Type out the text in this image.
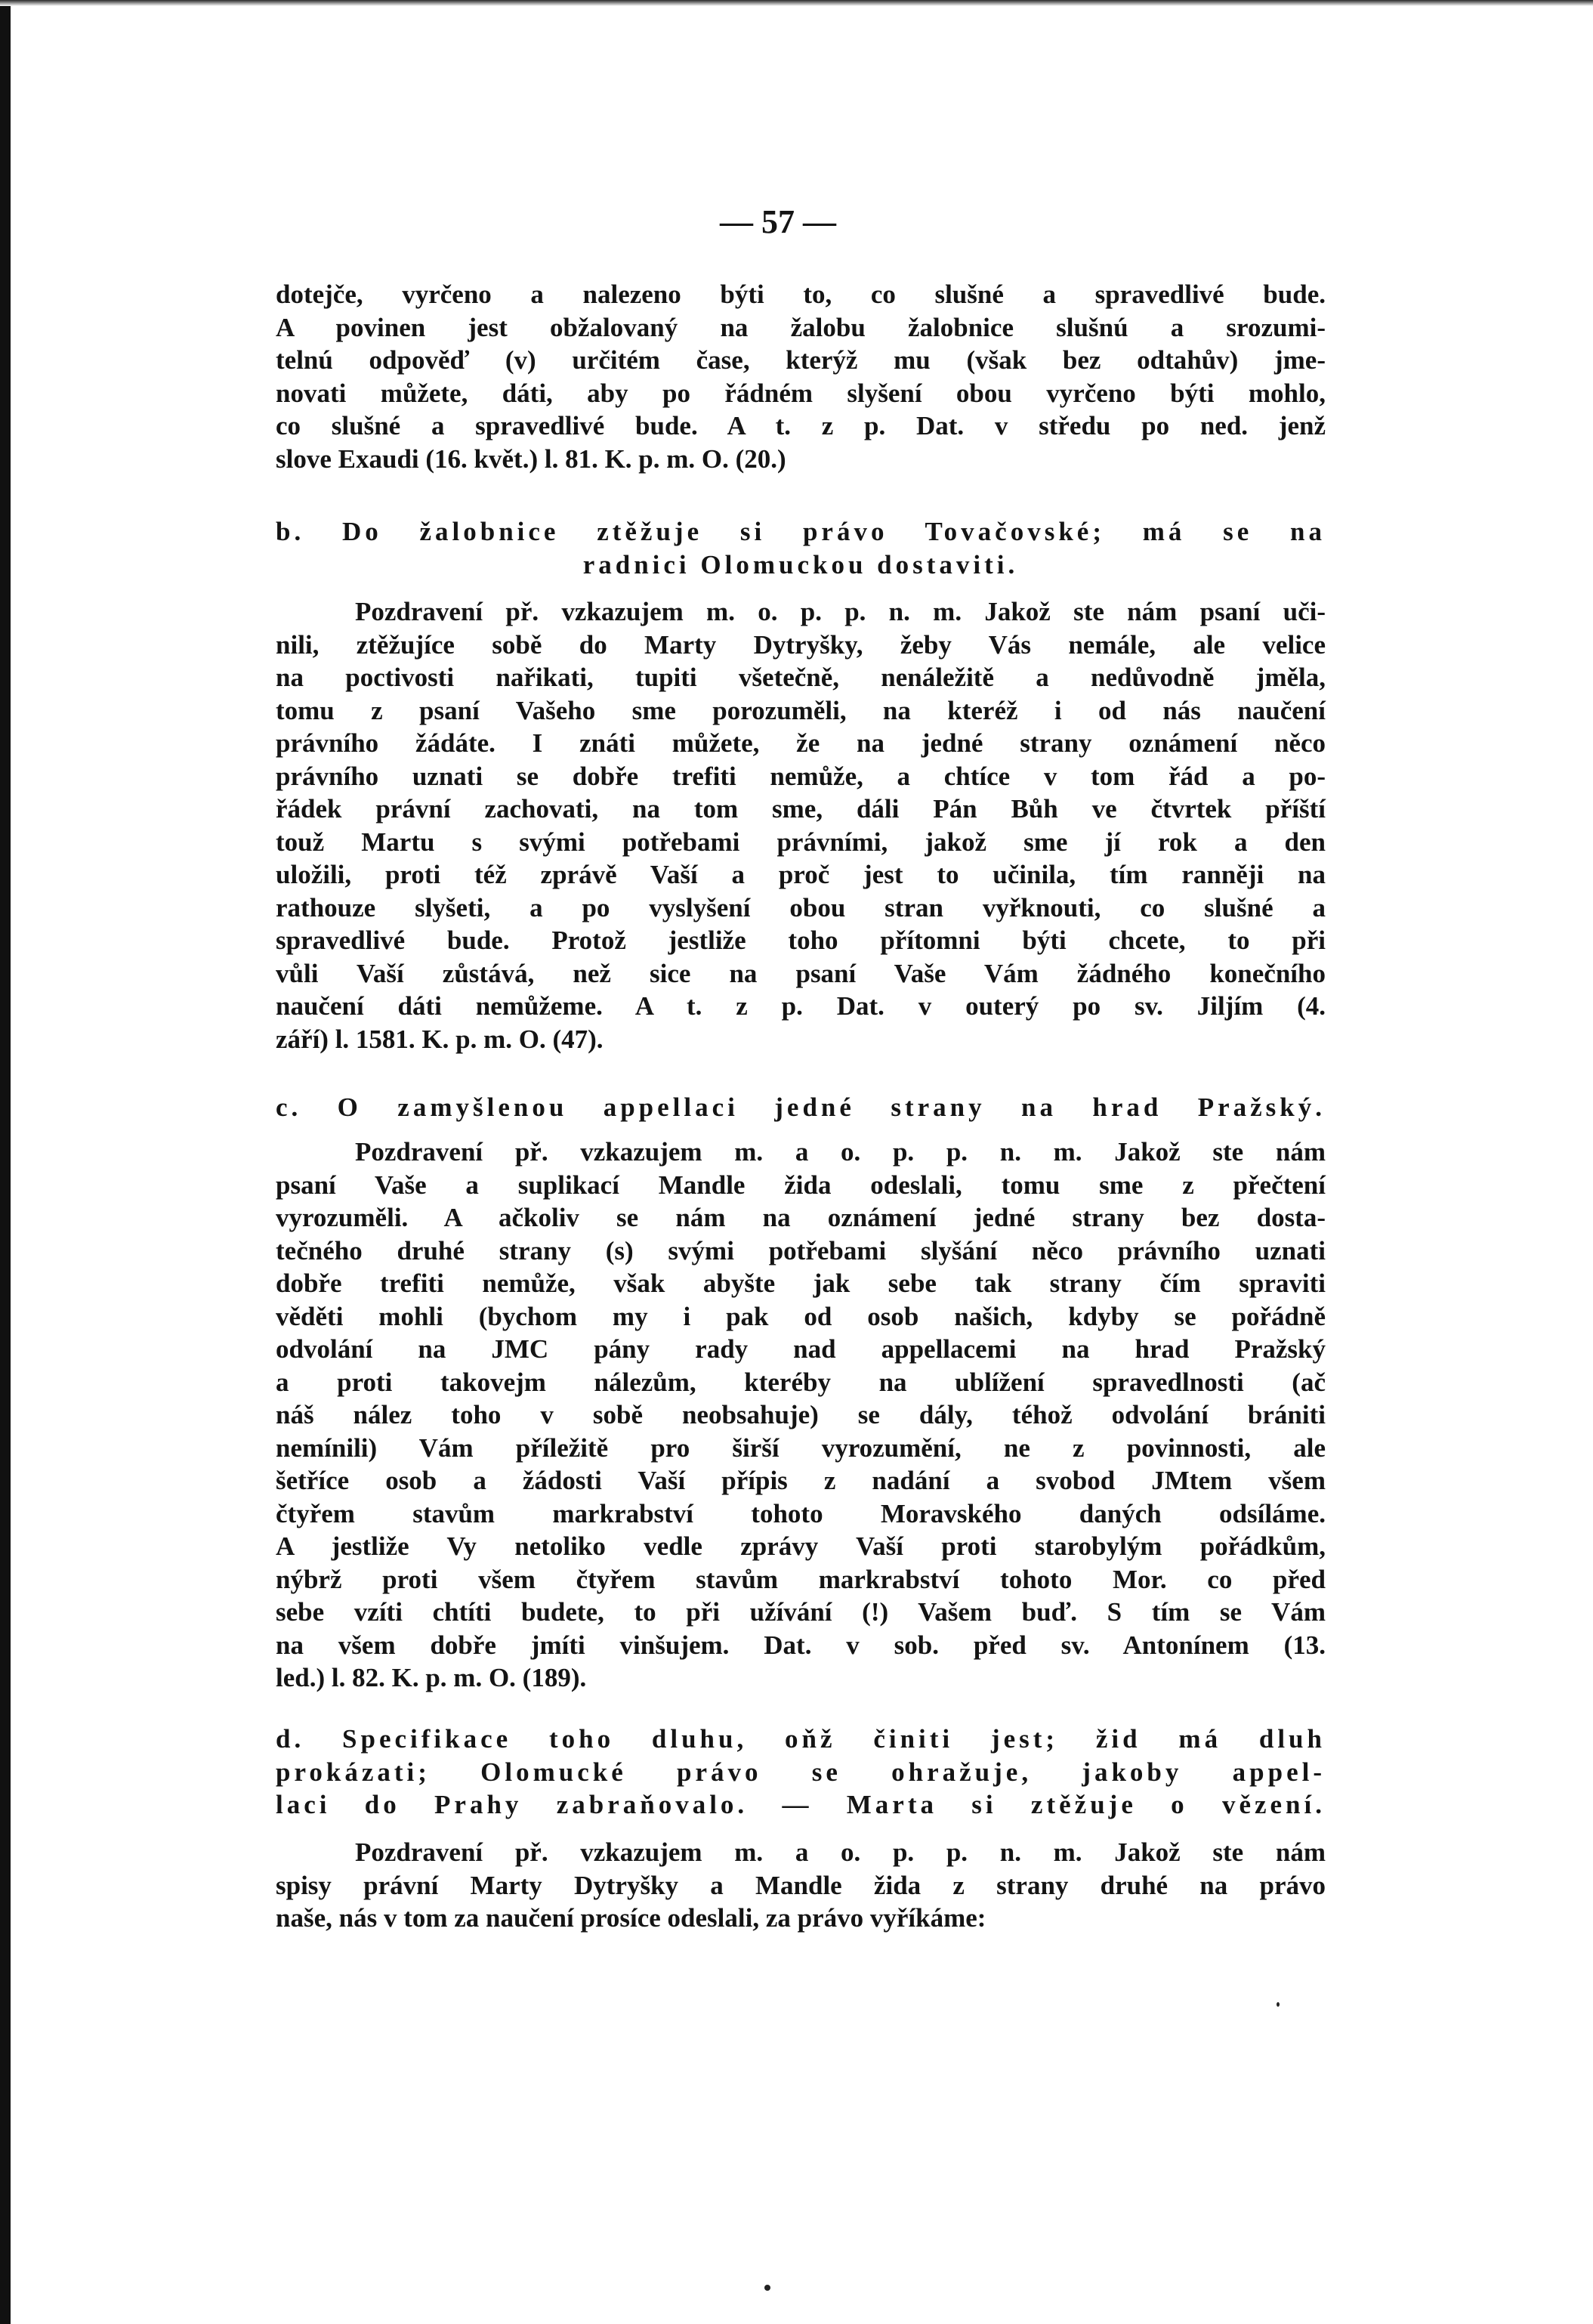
— 57 —
dotejče, vyrčeno a nalezeno býti to, co slušné a spravedlivé bude.
A povinen jest obžalovaný na žalobu žalobnice slušnú a srozumi-
telnú odpověď (v) určitém čase, kterýž mu (však bez odtahův) jme-
novati můžete, dáti, aby po řádném slyšení obou vyrčeno býti mohlo,
co slušné a spravedlivé bude. A t. z p. Dat. v středu po ned. jenž
slove Exaudi (16. květ.) l. 81. K. p. m. O. (20.)
b. Do žalobnice ztěžuje si právo Tovačovské; má se na
radnici Olomuckou dostaviti.
Pozdravení př. vzkazujem m. o. p. p. n. m. Jakož ste nám psaní uči-
nili, ztěžujíce sobě do Marty Dytryšky, žeby Vás nemále, ale velice
na poctivosti nařikati, tupiti všetečně, nenáležitě a nedůvodně jměla,
tomu z psaní Vašeho sme porozuměli, na kteréž i od nás naučení
právního žádáte. I znáti můžete, že na jedné strany oznámení něco
právního uznati se dobře trefiti nemůže, a chtíce v tom řád a po-
řádek právní zachovati, na tom sme, dáli Pán Bůh ve čtvrtek příští
touž Martu s svými potřebami právními, jakož sme jí rok a den
uložili, proti též zprávě Vaší a proč jest to učinila, tím ranněji na
rathouze slyšeti, a po vyslyšení obou stran vyřknouti, co slušné a
spravedlivé bude. Protož jestliže toho přítomni býti chcete, to při
vůli Vaší zůstává, než sice na psaní Vaše Vám žádného konečního
naučení dáti nemůžeme. A t. z p. Dat. v outerý po sv. Jiljím (4.
září) l. 1581. K. p. m. O. (47).
c. O zamyšlenou appellaci jedné strany na hrad Pražský.
Pozdravení př. vzkazujem m. a o. p. p. n. m. Jakož ste nám
psaní Vaše a suplikací Mandle žida odeslali, tomu sme z přečtení
vyrozuměli. A ačkoliv se nám na oznámení jedné strany bez dosta-
tečného druhé strany (s) svými potřebami slyšání něco právního uznati
dobře trefiti nemůže, však abyšte jak sebe tak strany čím spraviti
věděti mohli (bychom my i pak od osob našich, kdyby se pořádně
odvolání na JMC pány rady nad appellacemi na hrad Pražský
a proti takovejm nálezům, kteréby na ublížení spravedlnosti (ač
náš nález toho v sobě neobsahuje) se dály, téhož odvolání brániti
nemínili) Vám příležitě pro širší vyrozumění, ne z povinnosti, ale
šetříce osob a žádosti Vaší přípis z nadání a svobod JMtem všem
čtyřem stavům markrabství tohoto Moravského daných odsíláme.
A jestliže Vy netoliko vedle zprávy Vaší proti starobylým pořádkům,
nýbrž proti všem čtyřem stavům markrabství tohoto Mor. co před
sebe vzíti chtíti budete, to při užívání (!) Vašem buď. S tím se Vám
na všem dobře jmíti vinšujem. Dat. v sob. před sv. Antonínem (13.
led.) l. 82. K. p. m. O. (189).
d. Specifikace toho dluhu, oňž činiti jest; žid má dluh
prokázati; Olomucké právo se ohražuje, jakoby appel-
laci do Prahy zabraňovalo. — Marta si ztěžuje o vězení.
Pozdravení př. vzkazujem m. a o. p. p. n. m. Jakož ste nám
spisy právní Marty Dytryšky a Mandle žida z strany druhé na právo
naše, nás v tom za naučení prosíce odeslali, za právo vyříkáme:
